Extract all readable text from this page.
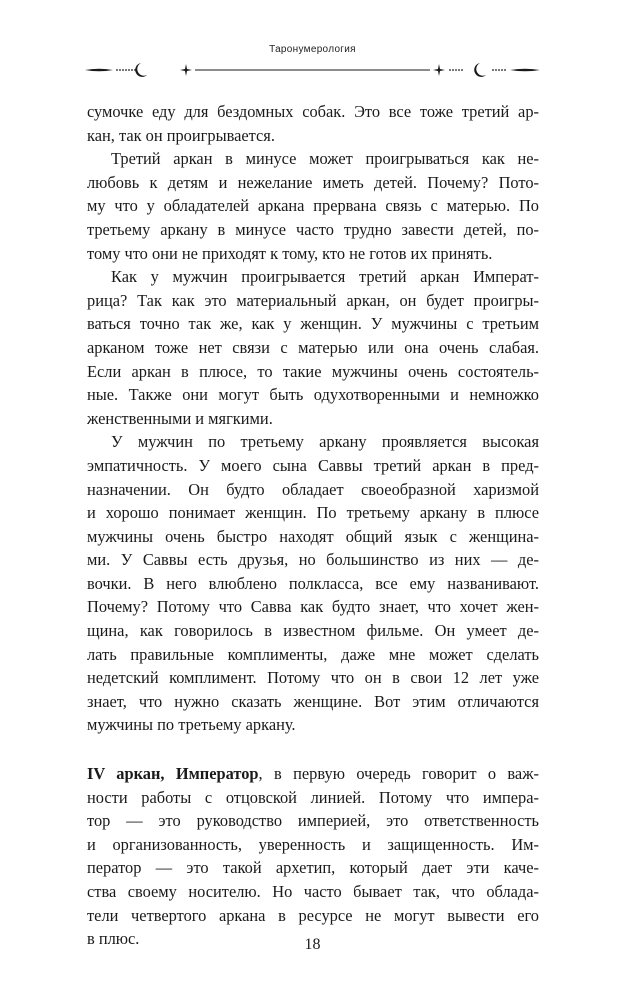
Таронумерология
сумочке еду для бездомных собак. Это все тоже третий ар-
кан, так он проигрывается.
Третий аркан в минусе может проигрываться как не-
любовь к детям и нежелание иметь детей. Почему? Пото-
му что у обладателей аркана прервана связь с матерью. По
третьему аркану в минусе часто трудно завести детей, по-
тому что они не приходят к тому, кто не готов их принять.
Как у мужчин проигрывается третий аркан Императ-
рица? Так как это материальный аркан, он будет проигры-
ваться точно так же, как у женщин. У мужчины с третьим
арканом тоже нет связи с матерью или она очень слабая.
Если аркан в плюсе, то такие мужчины очень состоятель-
ные. Также они могут быть одухотворенными и немножко
женственными и мягкими.
У мужчин по третьему аркану проявляется высокая
эмпатичность. У моего сына Саввы третий аркан в пред-
назначении. Он будто обладает своеобразной харизмой
и хорошо понимает женщин. По третьему аркану в плюсе
мужчины очень быстро находят общий язык с женщина-
ми. У Саввы есть друзья, но большинство из них — де-
вочки. В него влюблено полкласса, все ему названивают.
Почему? Потому что Савва как будто знает, что хочет жен-
щина, как говорилось в известном фильме. Он умеет де-
лать правильные комплименты, даже мне может сделать
недетский комплимент. Потому что он в свои 12 лет уже
знает, что нужно сказать женщине. Вот этим отличаются
мужчины по третьему аркану.
IV аркан, Император, в первую очередь говорит о важ-
ности работы с отцовской линией. Потому что импера-
тор — это руководство империей, это ответственность
и организованность, уверенность и защищенность. Им-
ператор — это такой архетип, который дает эти каче-
ства своему носителю. Но часто бывает так, что облада-
тели четвертого аркана в ресурсе не могут вывести его
в плюс.	18
